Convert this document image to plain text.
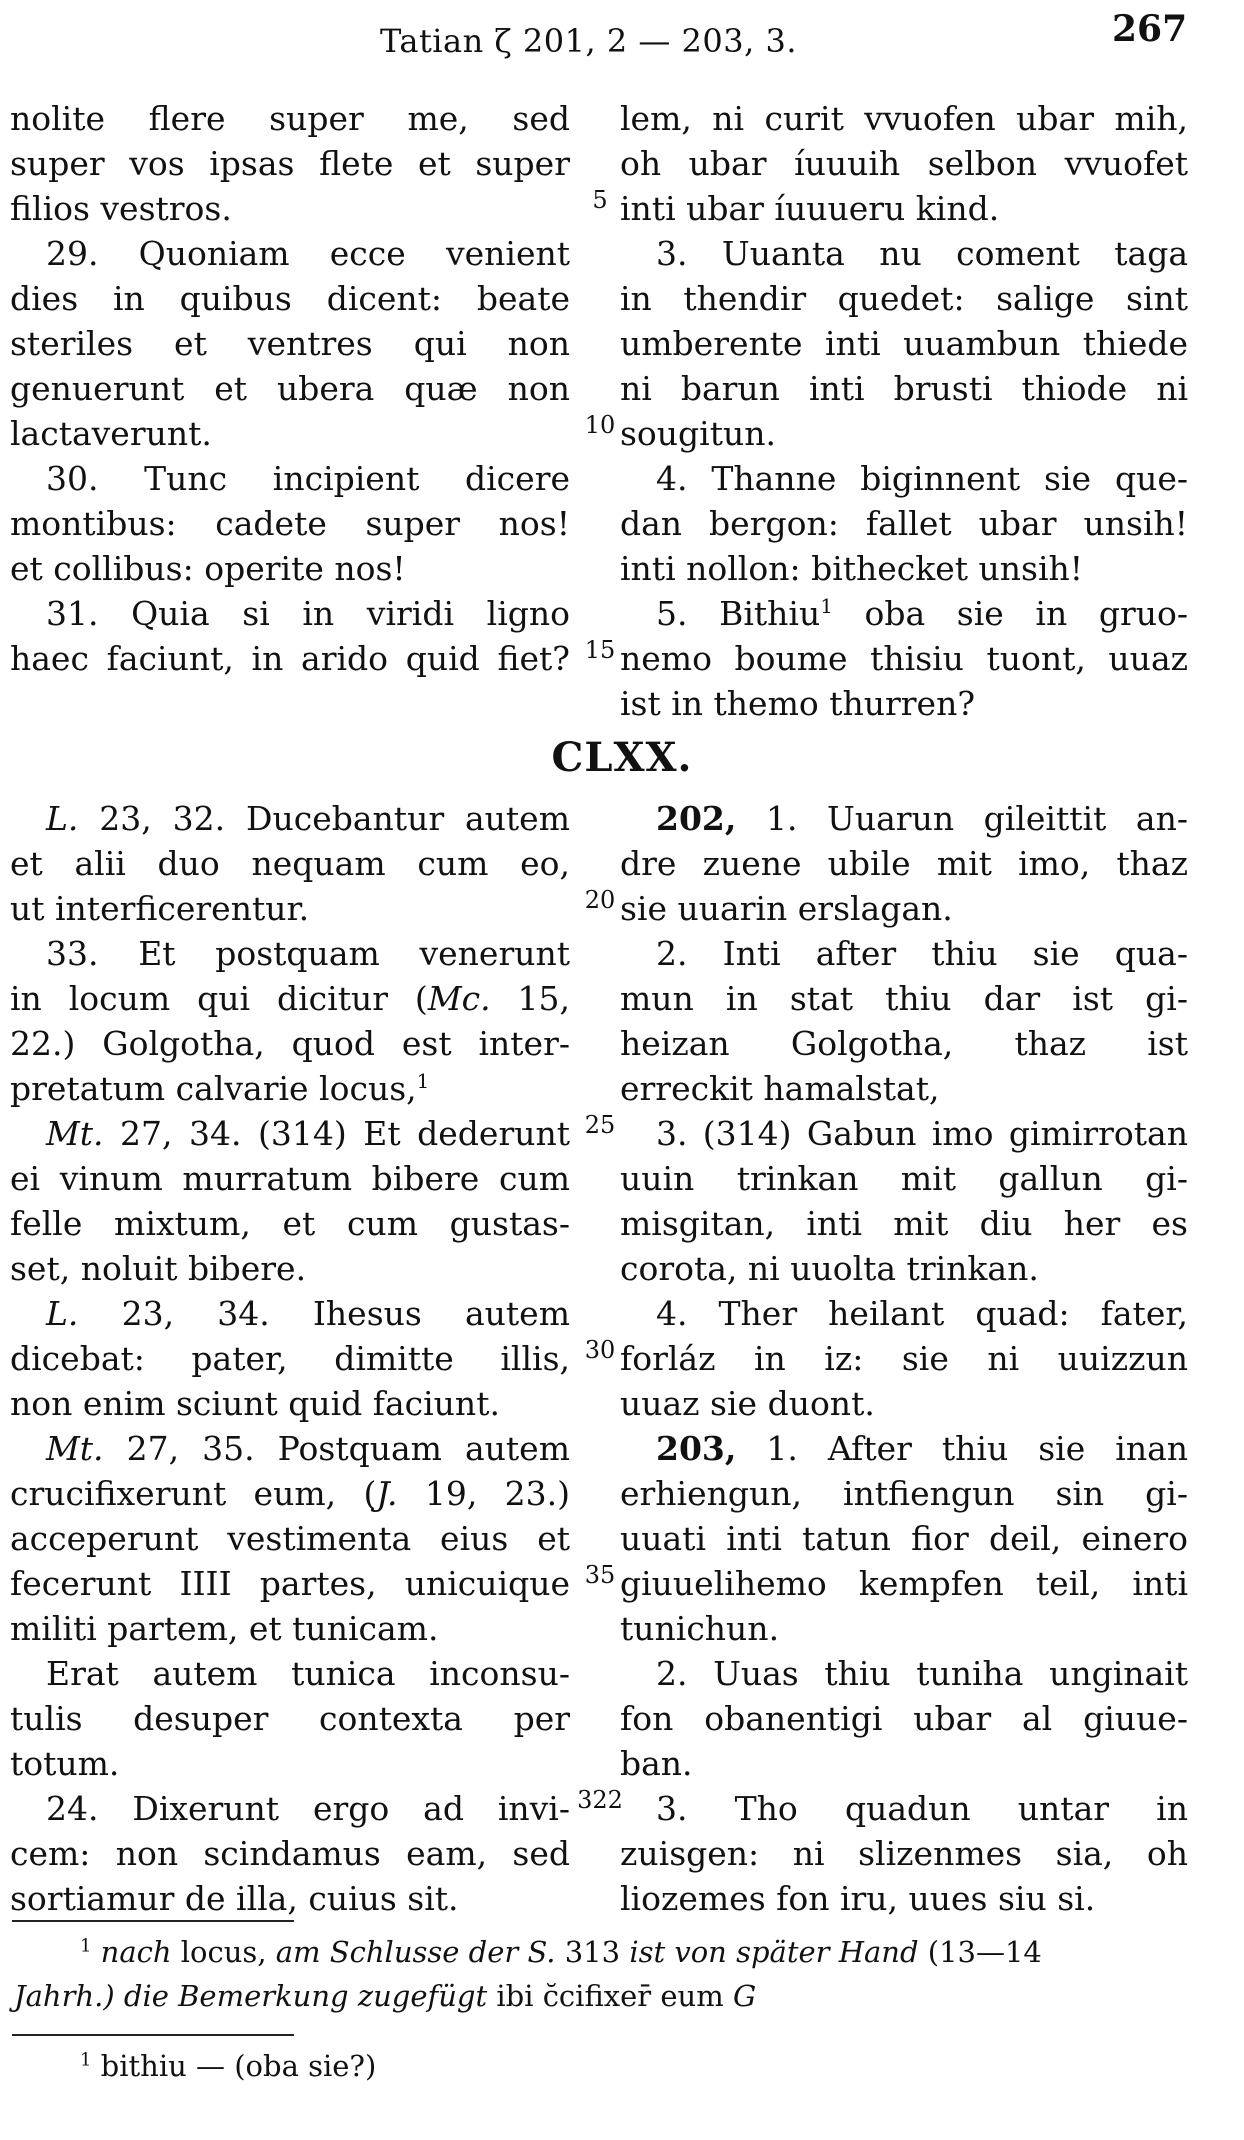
Tatian ζ 201, 2 — 203, 3.	267
nolite flere super me, sed
super vos ipsas flete et super
filios vestros.
29. Quoniam ecce venient
dies in quibus dicent: beate
steriles et ventres qui non
genuerunt et ubera quæ non
lactaverunt.
30. Tunc incipient dicere
montibus: cadete super nos!
et collibus: operite nos!
31. Quia si in viridi ligno
haec faciunt, in arido quid fiet?
5
10
15
lem, ni curit vvuofen ubar mih,
oh ubar íuuuih selbon vvuofet
inti ubar íuuueru kind.
3. Uuanta nu coment taga
in thendir quedet: salige sint
umberente inti uuambun thiede
ni barun inti brusti thiode ni
sougitun.
4. Thanne biginnent sie que-
dan bergon: fallet ubar unsih!
inti nollon: bithecket unsih!
5. Bithiu$^1$ oba sie in gruo-
nemo boume thisiu tuont, uuaz
ist in themo thurren?
CLXX.
L. 23, 32. Ducebantur autem
et alii duo nequam cum eo,
ut interficerentur.
33. Et postquam venerunt
in locum qui dicitur (Mc. 15,
22.) Golgotha, quod est inter-
pretatum calvarie locus,$^1$
Mt. 27, 34. (314) Et dederunt
ei vinum murratum bibere cum
felle mixtum, et cum gustas-
set, noluit bibere.
L. 23, 34. Ihesus autem
dicebat: pater, dimitte illis,
non enim sciunt quid faciunt.
Mt. 27, 35. Postquam autem
crucifixerunt eum, (J. 19, 23.)
acceperunt vestimenta eius et
fecerunt IIII partes, unicuique
militi partem, et tunicam.
Erat autem tunica inconsu-
tulis desuper contexta per
totum.
24. Dixerunt ergo ad invi-
cem: non scindamus eam, sed
sortiamur de illa, cuius sit.
20
25
30
35
322
202, 1. Uuarun gileittit an-
dre zuene ubile mit imo, thaz
sie uuarin erslagan.
2. Inti after thiu sie qua-
mun in stat thiu dar ist gi-
heizan Golgotha, thaz ist
erreckit hamalstat,
3. (314) Gabun imo gimirrotan
uuin trinkan mit gallun gi-
misgitan, inti mit diu her es
corota, ni uuolta trinkan.
4. Ther heilant quad: fater,
forláz in iz: sie ni uuizzun
uuaz sie duont.
203, 1. After thiu sie inan
erhiengun, intfiengun sin gi-
uuati inti tatun fior deil, einero
giuuelihemo kempfen teil, inti
tunichun.
2. Uuas thiu tuniha unginait
fon obanentigi ubar al giuue-
ban.
3. Tho quadun untar in
zuisgen: ni slizenmes sia, oh
liozemes fon iru, uues siu si.
$^1$ nach locus, am Schlusse der S. 313 ist von später Hand (13—14
Jahrh.) die Bemerkung zugefügt ibi c̆cifixer̄ eum G
$^1$ bithiu — (oba sie?)
